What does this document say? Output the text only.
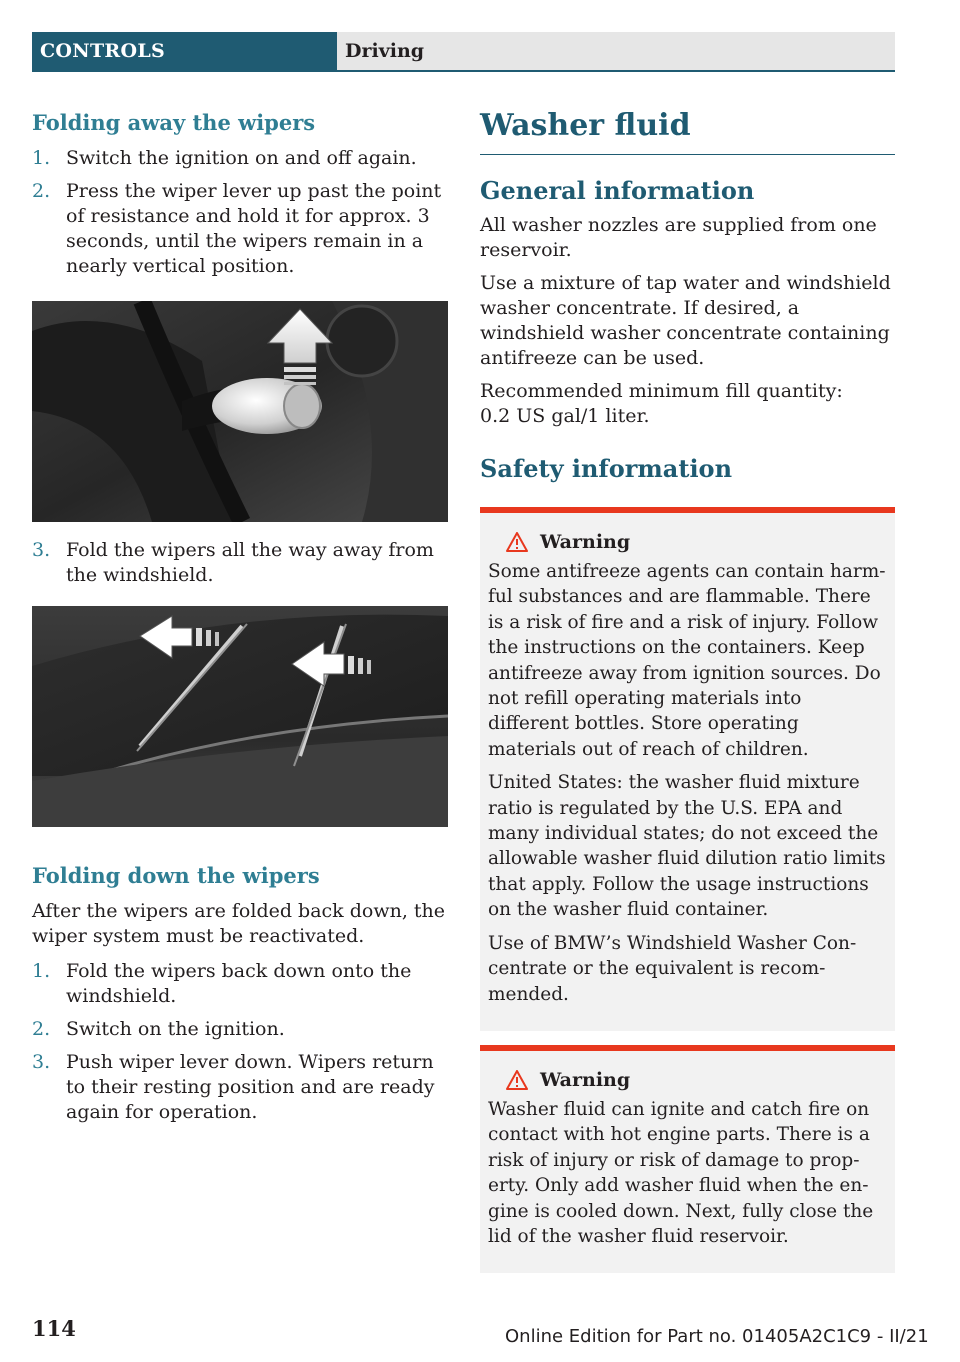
CONTROLS	Driving
Folding away the wipers
1. Switch the ignition on and off again.
2. Press the wiper lever up past the point of resistance and hold it for approx. 3 seconds, until the wipers remain in a nearly vertical position.
3. Fold the wipers all the way away from the windshield.
Folding down the wipers

After the wipers are folded back down, the wiper system must be reactivated.

1. Fold the wipers back down onto the windshield.
2. Switch on the ignition.
3. Push wiper lever down. Wipers return to their resting position and are ready again for operation.
Washer fluid
General information

All washer nozzles are supplied from one reservoir.

Use a mixture of tap water and windshield washer concentrate. If desired, a windshield washer concentrate containing antifreeze can be used.

Recommended minimum fill quantity:

0.2 US gal/1 liter.

Safety information
Warning

Some antifreeze agents can contain harmful substances and are flammable. There is a risk of fire and a risk of injury. Follow the instructions on the containers. Keep antifreeze away from ignition sources. Do not refill operating materials into different bottles. Store operating materials out of reach of children.

United States: the washer fluid mixture ratio is regulated by the U.S. EPA and many individual states; do not exceed the allowable washer fluid dilution ratio limits that apply. Follow the usage instructions on the washer fluid container.

Use of BMW’s Windshield Washer Concentrate or the equivalent is recommended.

Warning

Washer fluid can ignite and catch fire on contact with hot engine parts. There is a risk of injury or risk of damage to property. Only add washer fluid when the engine is cooled down. Next, fully close the lid of the washer fluid reservoir.

114	Online Edition for Part no. 01405A2C1C9 - II/21
